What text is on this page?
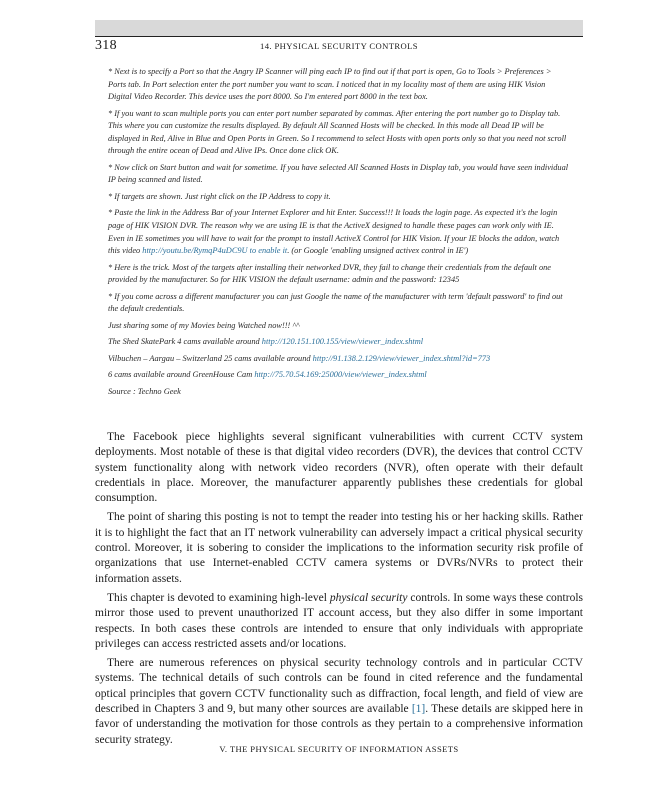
318	14. PHYSICAL SECURITY CONTROLS

* Next is to specify a Port so that the Angry IP Scanner will ping each IP to find out if that port is open, Go to Tools > Preferences > Ports tab. In Port selection enter the port number you want to scan. I noticed that in my locality most of them are using HIK Vision Digital Video Recorder. This device uses the port 8000. So I'm entered port 8000 in the text box.

* If you want to scan multiple ports you can enter port number separated by commas. After entering the port number go to Display tab. This where you can customize the results displayed. By default All Scanned Hosts will be checked. In this mode all Dead IP will be displayed in Red, Alive in Blue and Open Ports in Green. So I recommend to select Hosts with open ports only so that you need not scroll through the entire ocean of Dead and Alive IPs. Once done click OK.

* Now click on Start button and wait for sometime. If you have selected All Scanned Hosts in Display tab, you would have seen individual IP being scanned and listed.

* If targets are shown. Just right click on the IP Address to copy it.

* Paste the link in the Address Bar of your Internet Explorer and hit Enter. Success!!! It loads the login page. As expected it's the login page of HIK VISION DVR. The reason why we are using IE is that the ActiveX designed to handle these pages can work only with IE. Even in IE sometimes you will have to wait for the prompt to install ActiveX Control for HIK Vision. If your IE blocks the addon, watch this video http://youtu.be/RymqP4uDC9U to enable it. (or Google 'enabling unsigned activex control in IE')

* Here is the trick. Most of the targets after installing their networked DVR, they fail to change their credentials from the default one provided by the manufacturer. So for HIK VISION the default username: admin and the password: 12345

* If you come across a different manufacturer you can just Google the name of the manufacturer with term 'default password' to find out the default credentials.

Just sharing some of my Movies being Watched now!!! ^^

The Shed SkatePark 4 cams available around http://120.151.100.155/view/viewer_index.shtml

Vilbuchen – Aargau – Switzerland 25 cams available around http://91.138.2.129/view/viewer_index.shtml?id=773

6 cams available around GreenHouse Cam http://75.70.54.169:25000/view/viewer_index.shtml

Source : Techno Geek

The Facebook piece highlights several significant vulnerabilities with current CCTV system deployments. Most notable of these is that digital video recorders (DVR), the devices that control CCTV system functionality along with network video recorders (NVR), often operate with their default credentials in place. Moreover, the manufacturer apparently publishes these credentials for global consumption.

The point of sharing this posting is not to tempt the reader into testing his or her hacking skills. Rather it is to highlight the fact that an IT network vulnerability can adversely impact a critical physical security control. Moreover, it is sobering to consider the implications to the information security risk profile of organizations that use Internet-enabled CCTV camera systems or DVRs/NVRs to protect their information assets.

This chapter is devoted to examining high-level physical security controls. In some ways these controls mirror those used to prevent unauthorized IT account access, but they also differ in some important respects. In both cases these controls are intended to ensure that only individuals with appropriate privileges can access restricted assets and/or locations.

There are numerous references on physical security technology controls and in particular CCTV systems. The technical details of such controls can be found in cited reference and the fundamental optical principles that govern CCTV functionality such as diffraction, focal length, and field of view are described in Chapters 3 and 9, but many other sources are available [1]. These details are skipped here in favor of understanding the motivation for those controls as they pertain to a comprehensive information security strategy.

V. THE PHYSICAL SECURITY OF INFORMATION ASSETS
